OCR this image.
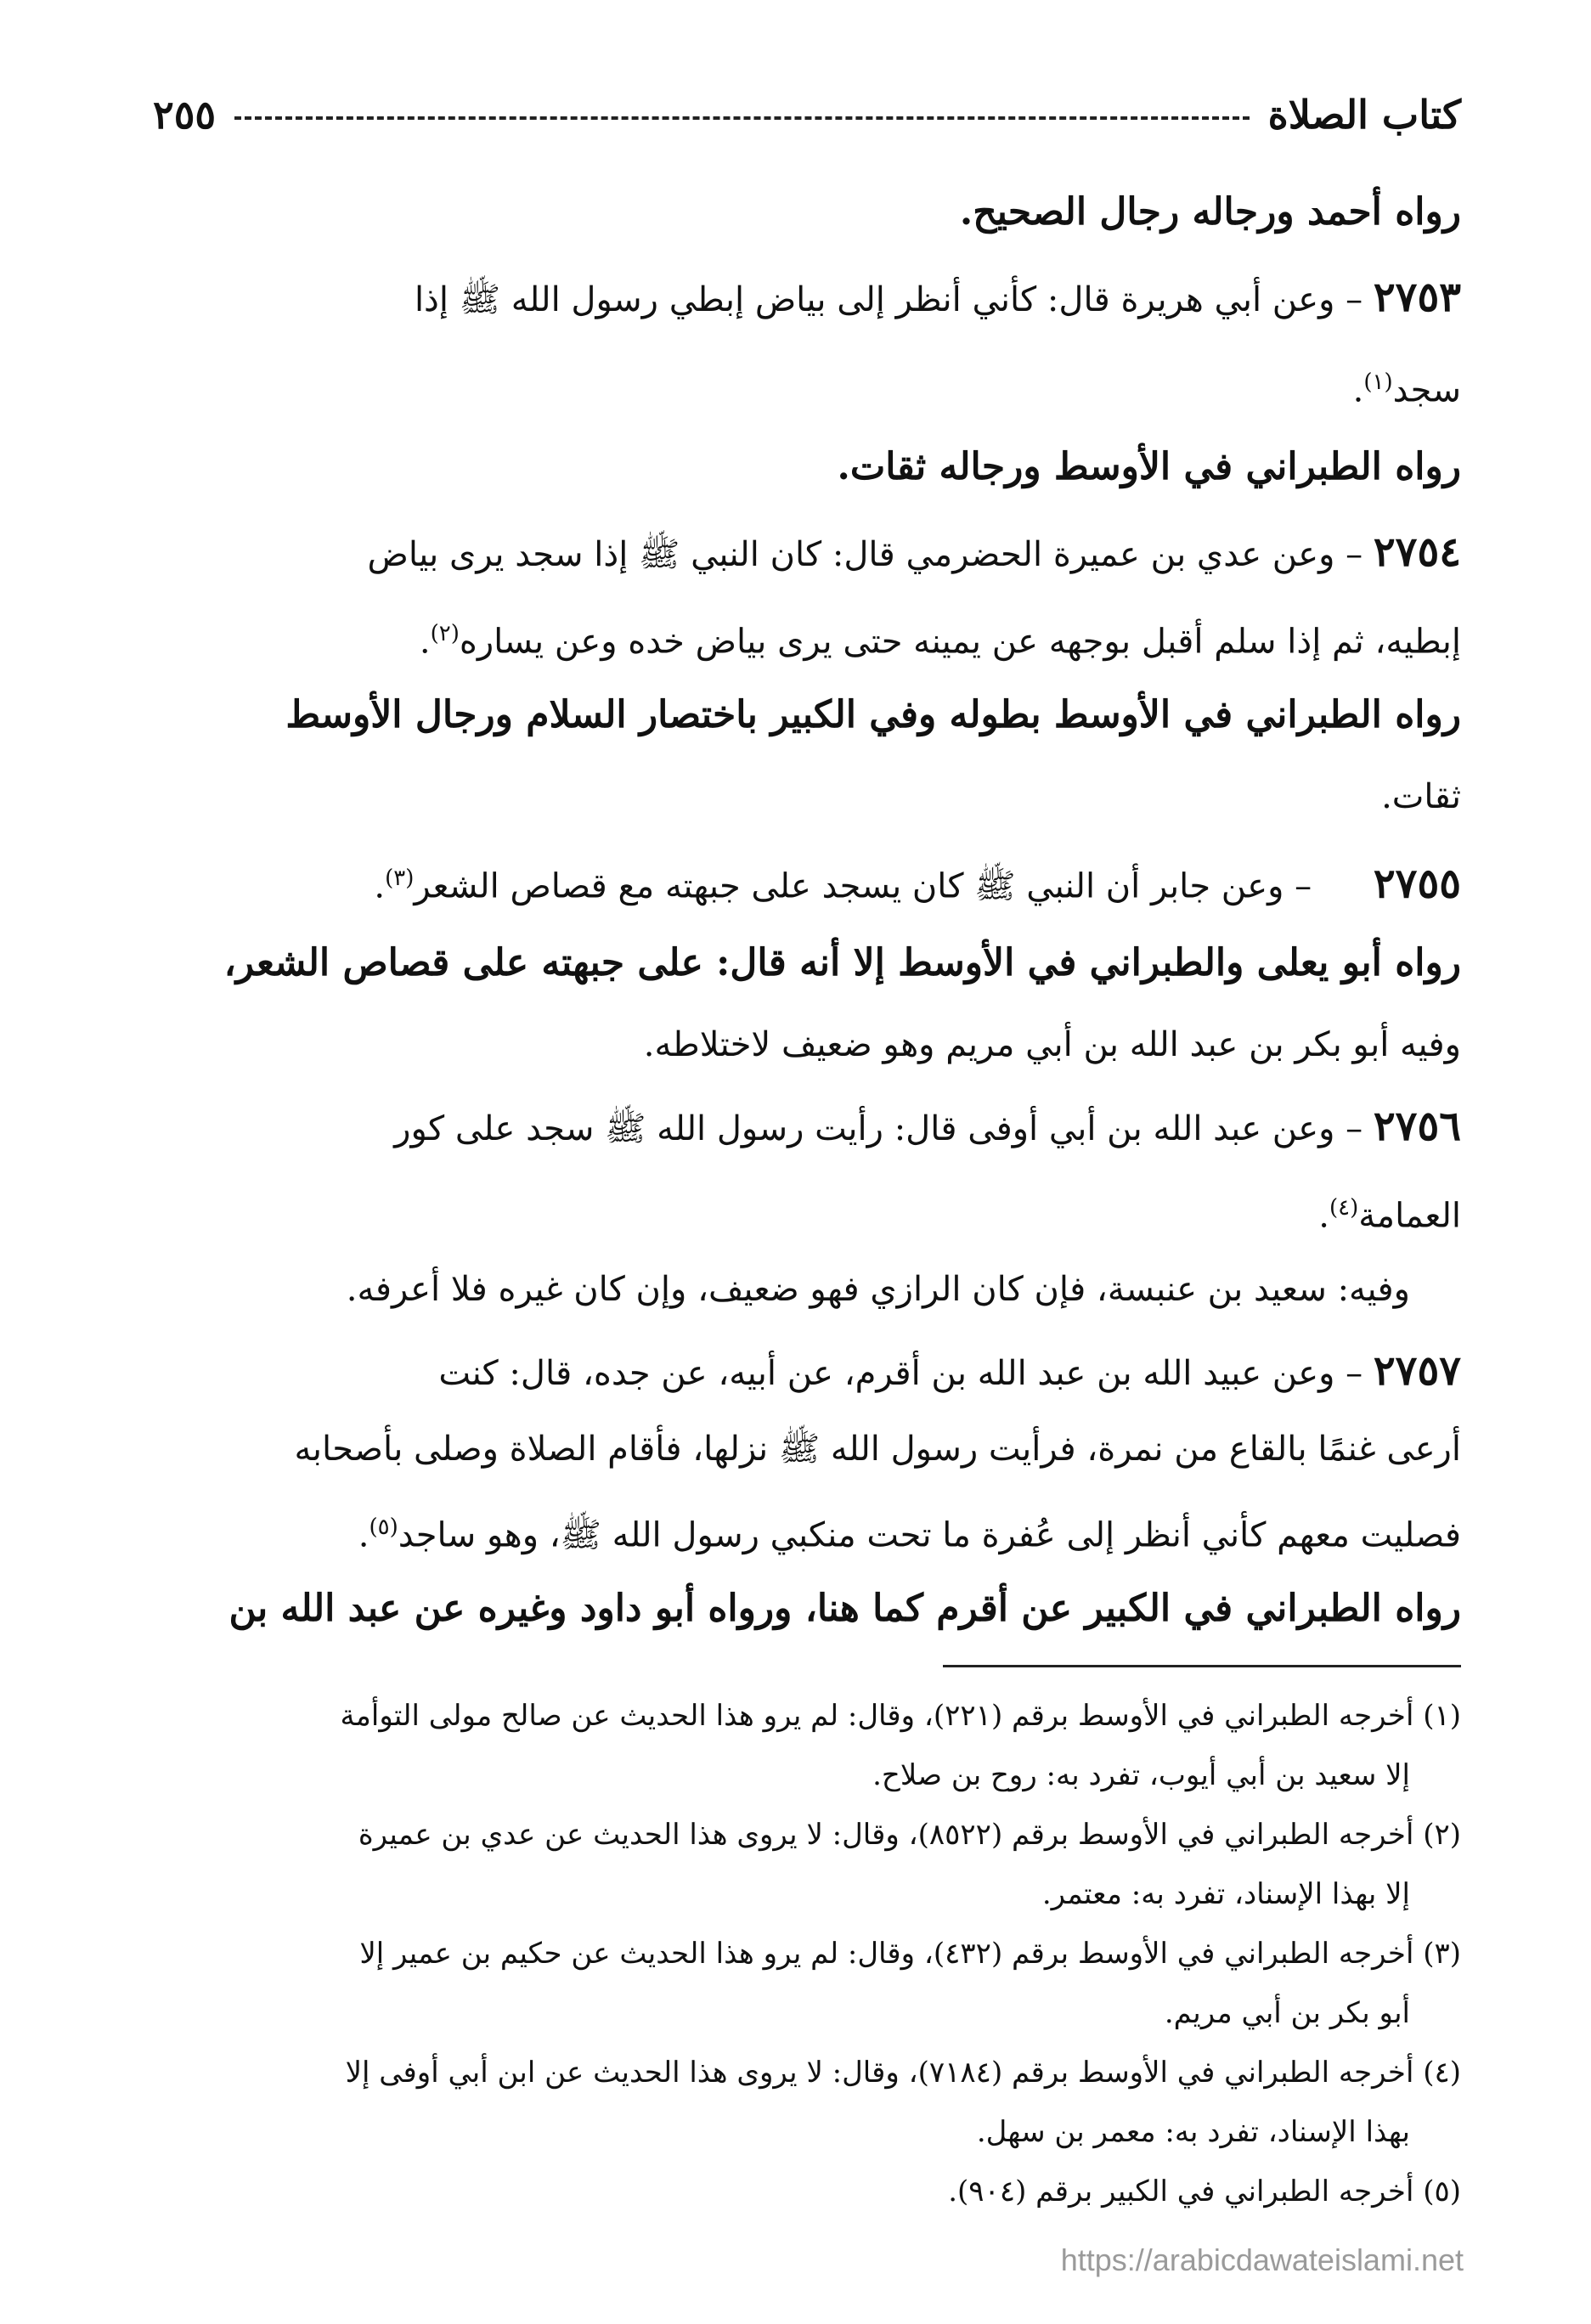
كتاب الصلاة
٢٥٥
رواه أحمد ورجاله رجال الصحيح.
٢٧٥٣ – وعن أبي هريرة قال: كأني أنظر إلى بياض إبطي رسول الله ﷺ إذا
سجد$^{(١)}$.
رواه الطبراني في الأوسط ورجاله ثقات.
٢٧٥٤ – وعن عدي بن عميرة الحضرمي قال: كان النبي ﷺ إذا سجد يرى بياض
إبطيه، ثم إذا سلم أقبل بوجهه عن يمينه حتى يرى بياض خده وعن يساره$^{(٢)}$.
رواه الطبراني في الأوسط بطوله وفي الكبير باختصار السلام ورجال الأوسط
ثقات.
٢٧٥٥ – وعن جابر أن النبي ﷺ كان يسجد على جبهته مع قصاص الشعر$^{(٣)}$.
رواه أبو يعلى والطبراني في الأوسط إلا أنه قال: على جبهته على قصاص الشعر،
وفيه أبو بكر بن عبد الله بن أبي مريم وهو ضعيف لاختلاطه.
٢٧٥٦ – وعن عبد الله بن أبي أوفى قال: رأيت رسول الله ﷺ سجد على كور
العمامة$^{(٤)}$.
وفيه: سعيد بن عنبسة، فإن كان الرازي فهو ضعيف، وإن كان غيره فلا أعرفه.
٢٧٥٧ – وعن عبيد الله بن عبد الله بن أقرم، عن أبيه، عن جده، قال: كنت
أرعى غنمًا بالقاع من نمرة، فرأيت رسول الله ﷺ نزلها، فأقام الصلاة وصلى بأصحابه
فصليت معهم كأني أنظر إلى عُفرة ما تحت منكبي رسول الله ﷺ، وهو ساجد$^{(٥)}$.
رواه الطبراني في الكبير عن أقرم كما هنا، ورواه أبو داود وغيره عن عبد الله بن
(١) أخرجه الطبراني في الأوسط برقم (٢٢١)، وقال: لم يرو هذا الحديث عن صالح مولى التوأمة
إلا سعيد بن أبي أيوب، تفرد به: روح بن صلاح.
(٢) أخرجه الطبراني في الأوسط برقم (٨٥٢٢)، وقال: لا يروى هذا الحديث عن عدي بن عميرة
إلا بهذا الإسناد، تفرد به: معتمر.
(٣) أخرجه الطبراني في الأوسط برقم (٤٣٢)، وقال: لم يرو هذا الحديث عن حكيم بن عمير إلا
أبو بكر بن أبي مريم.
(٤) أخرجه الطبراني في الأوسط برقم (٧١٨٤)، وقال: لا يروى هذا الحديث عن ابن أبي أوفى إلا
بهذا الإسناد، تفرد به: معمر بن سهل.
(٥) أخرجه الطبراني في الكبير برقم (٩٠٤).
https://arabicdawateislami.net
